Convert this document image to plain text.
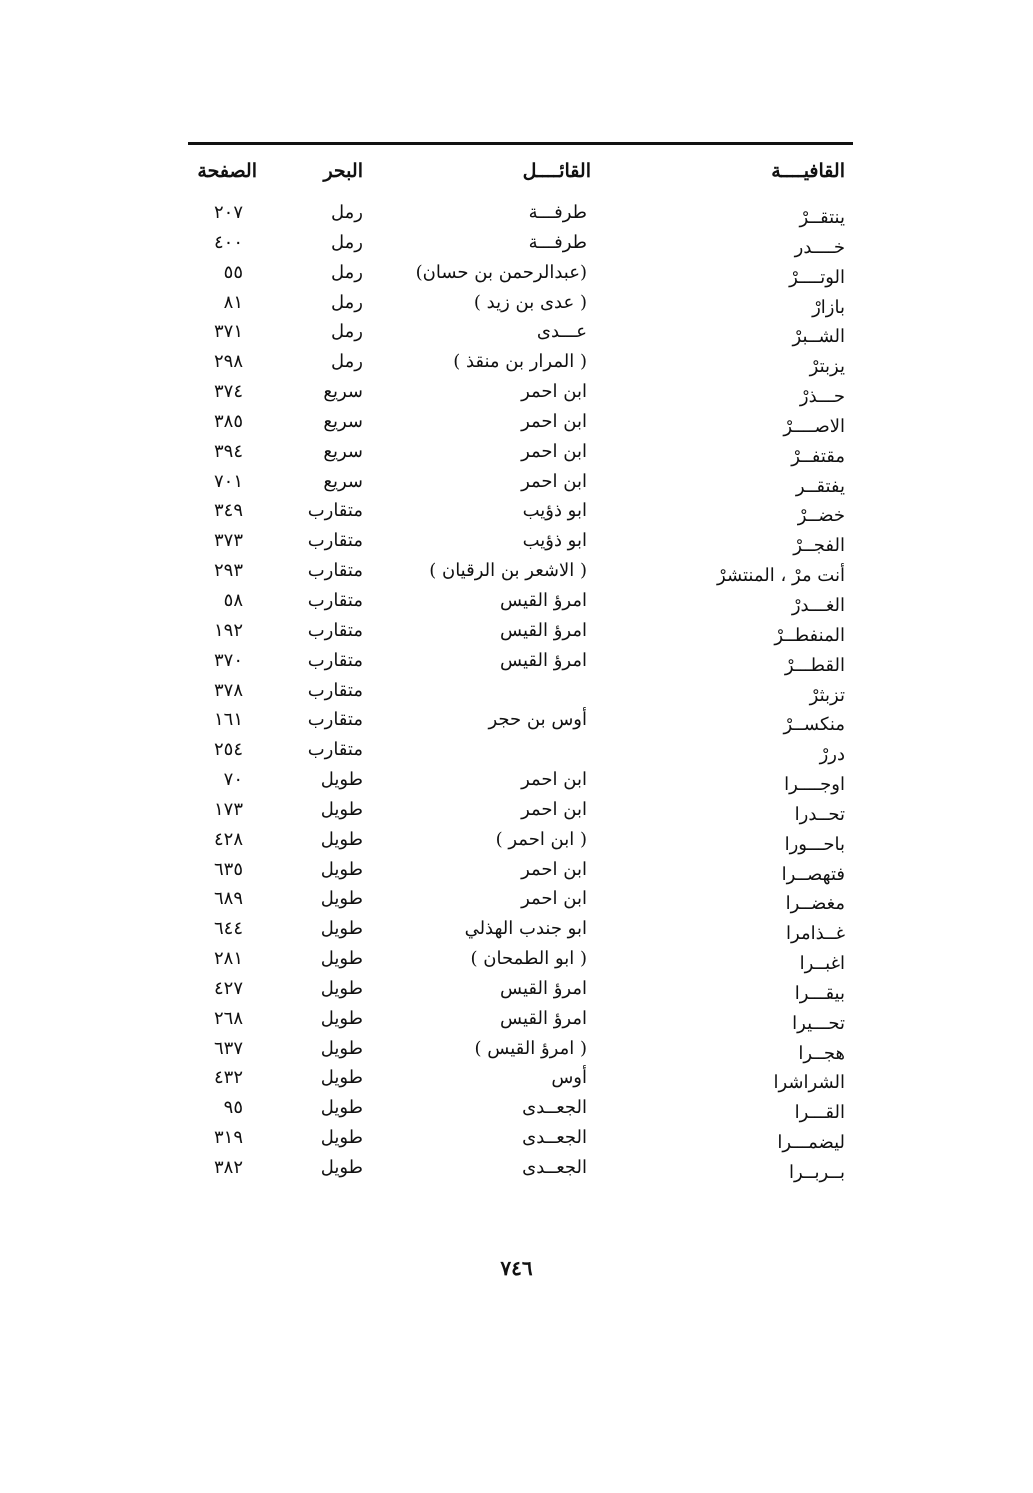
القافيــــة
القائــــل
البحر
الصفحة
ينتقــرْ
طرفـــة
رمل
٢٠٧
خــــدر
طرفـــة
رمل
٤٠٠
الوتــــرْ
(عبدالرحمن بن حسان)
رمل
٥٥
بازارْ
( عدى بن زيد )
رمل
٨١
الشــبرْ
عـــدى
رمل
٣٧١
يزبترْ
( المرار بن منقذ )
رمل
٢٩٨
حـــذرْ
ابن احمر
سريع
٣٧٤
الاصــــرْ
ابن احمر
سريع
٣٨٥
مقتفــرْ
ابن احمر
سريع
٣٩٤
يفتقــر
ابن احمر
سريع
٧٠١
خضــرْ
ابو ذؤيب
متقارب
٣٤٩
الفجــرْ
ابو ذؤيب
متقارب
٣٧٣
أنت مرْ ، المنتشرْ
( الاشعر بن الرقيان )
متقارب
٢٩٣
الغـــدرْ
امرؤ القيس
متقارب
٥٨
المنفطــرْ
امرؤ القيس
متقارب
١٩٢
القطـــرْ
امرؤ القيس
متقارب
٣٧٠
تزبثرْ
متقارب
٣٧٨
منكســرْ
أوس بن حجر
متقارب
١٦١
دررْ
متقارب
٢٥٤
اوجــــرا
ابن احمر
طويل
٧٠
تحــدرا
ابن احمر
طويل
١٧٣
باحـــورا
( ابن احمر )
طويل
٤٢٨
فتهصــرا
ابن احمر
طويل
٦٣٥
مغضــرا
ابن احمر
طويل
٦٨٩
غــذامرا
ابو جندب الهذلي
طويل
٦٤٤
اغبــرا
( ابو الطمحان )
طويل
٢٨١
بيقـــرا
امرؤ القيس
طويل
٤٢٧
تحـــيرا
امرؤ القيس
طويل
٢٦٨
هجــرا
( امرؤ القيس )
طويل
٦٣٧
الشراشرا
أوس
طويل
٤٣٢
القـــرا
الجعــدى
طويل
٩٥
ليضمـــرا
الجعــدى
طويل
٣١٩
بــربــرا
الجعــدى
طويل
٣٨٢
٧٤٦
